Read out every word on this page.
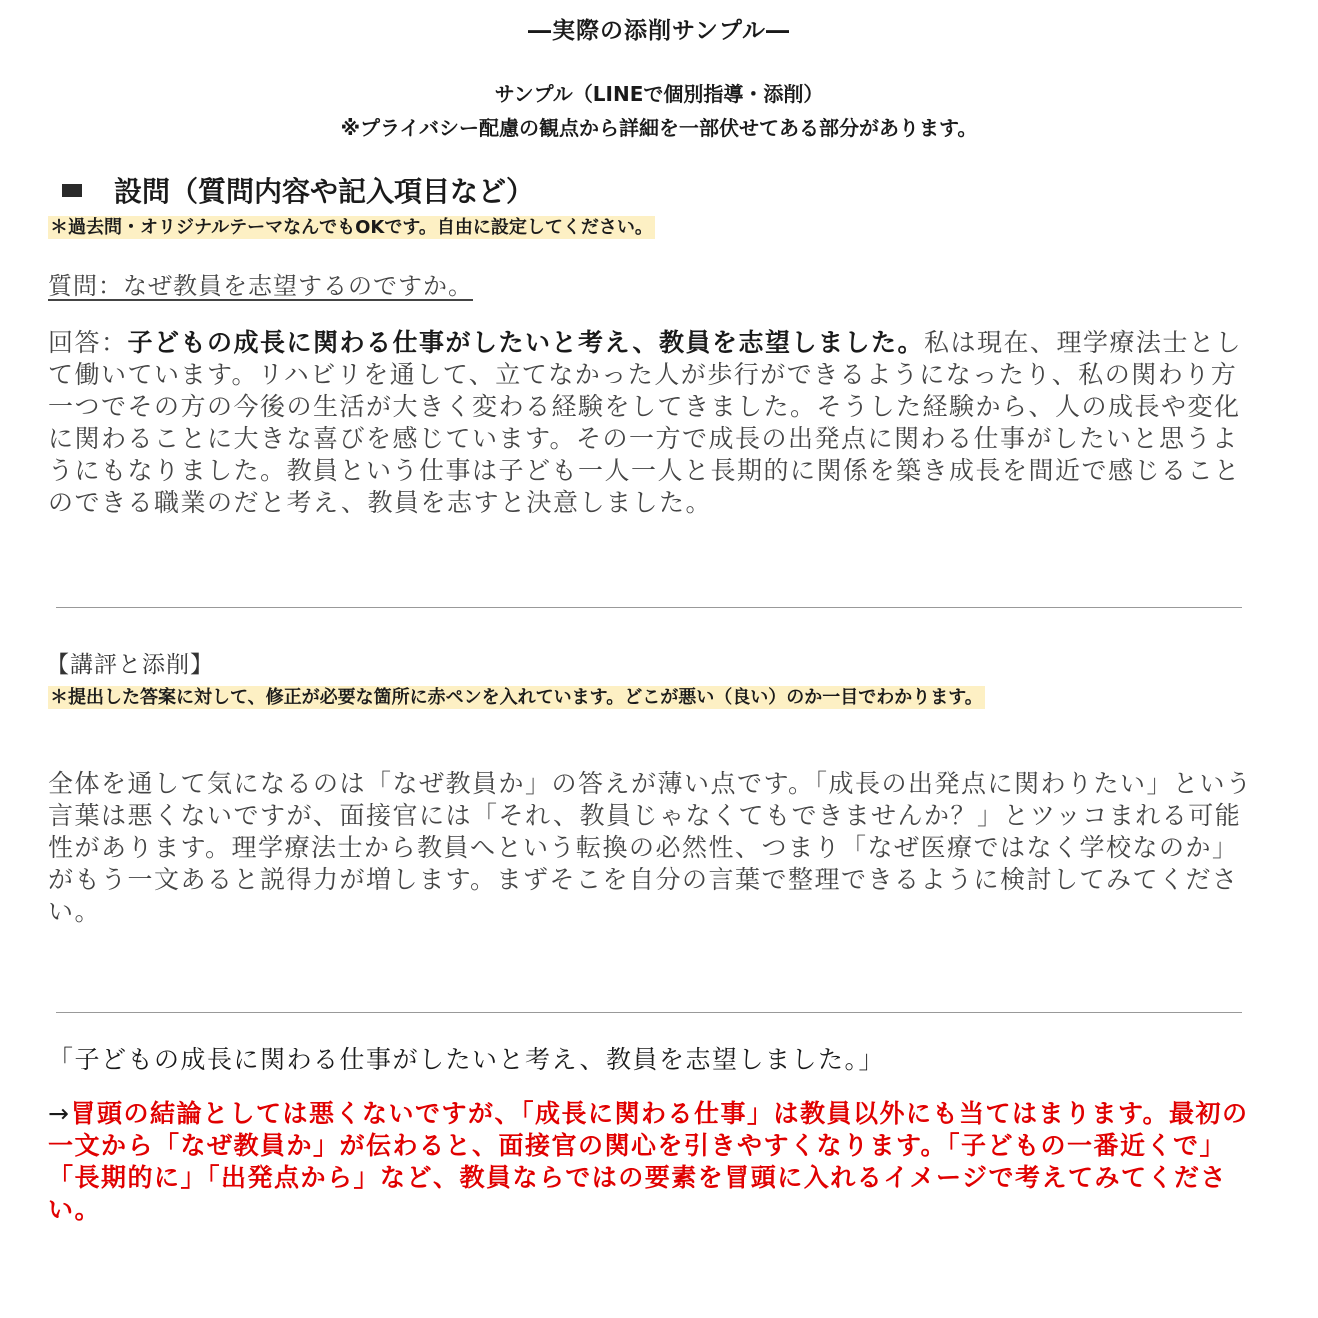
―実際の添削サンプル―
サンプル（LINEで個別指導・添削）
※プライバシー配慮の観点から詳細を一部伏せてある部分があります。
設問（質問内容や記入項目など）
＊過去問・オリジナルテーマなんでもOKです。自由に設定してください。
質問：なぜ教員を志望するのですか。
回答：子どもの成長に関わる仕事がしたいと考え、教員を志望しました。私は現在、理学療法士として働いています。リハビリを通して、立てなかった人が歩行ができるようになったり、私の関わり方一つでその方の今後の生活が大きく変わる経験をしてきました。そうした経験から、人の成長や変化に関わることに大きな喜びを感じています。その一方で成長の出発点に関わる仕事がしたいと思うようにもなりました。教員という仕事は子ども一人一人と長期的に関係を築き成長を間近で感じることのできる職業のだと考え、教員を志すと決意しました。
【講評と添削】
＊提出した答案に対して、修正が必要な箇所に赤ペンを入れています。どこが悪い（良い）のか一目でわかります。
全体を通して気になるのは「なぜ教員か」の答えが薄い点です。「成長の出発点に関わりたい」という言葉は悪くないですが、面接官には「それ、教員じゃなくてもできませんか？」とツッコまれる可能性があります。理学療法士から教員へという転換の必然性、つまり「なぜ医療ではなく学校なのか」がもう一文あると説得力が増します。まずそこを自分の言葉で整理できるように検討してみてください。
「子どもの成長に関わる仕事がしたいと考え、教員を志望しました。」
→冒頭の結論としては悪くないですが、「成長に関わる仕事」は教員以外にも当てはまります。最初の一文から「なぜ教員か」が伝わると、面接官の関心を引きやすくなります。「子どもの一番近くで」「長期的に」「出発点から」など、教員ならではの要素を冒頭に入れるイメージで考えてみてください。
